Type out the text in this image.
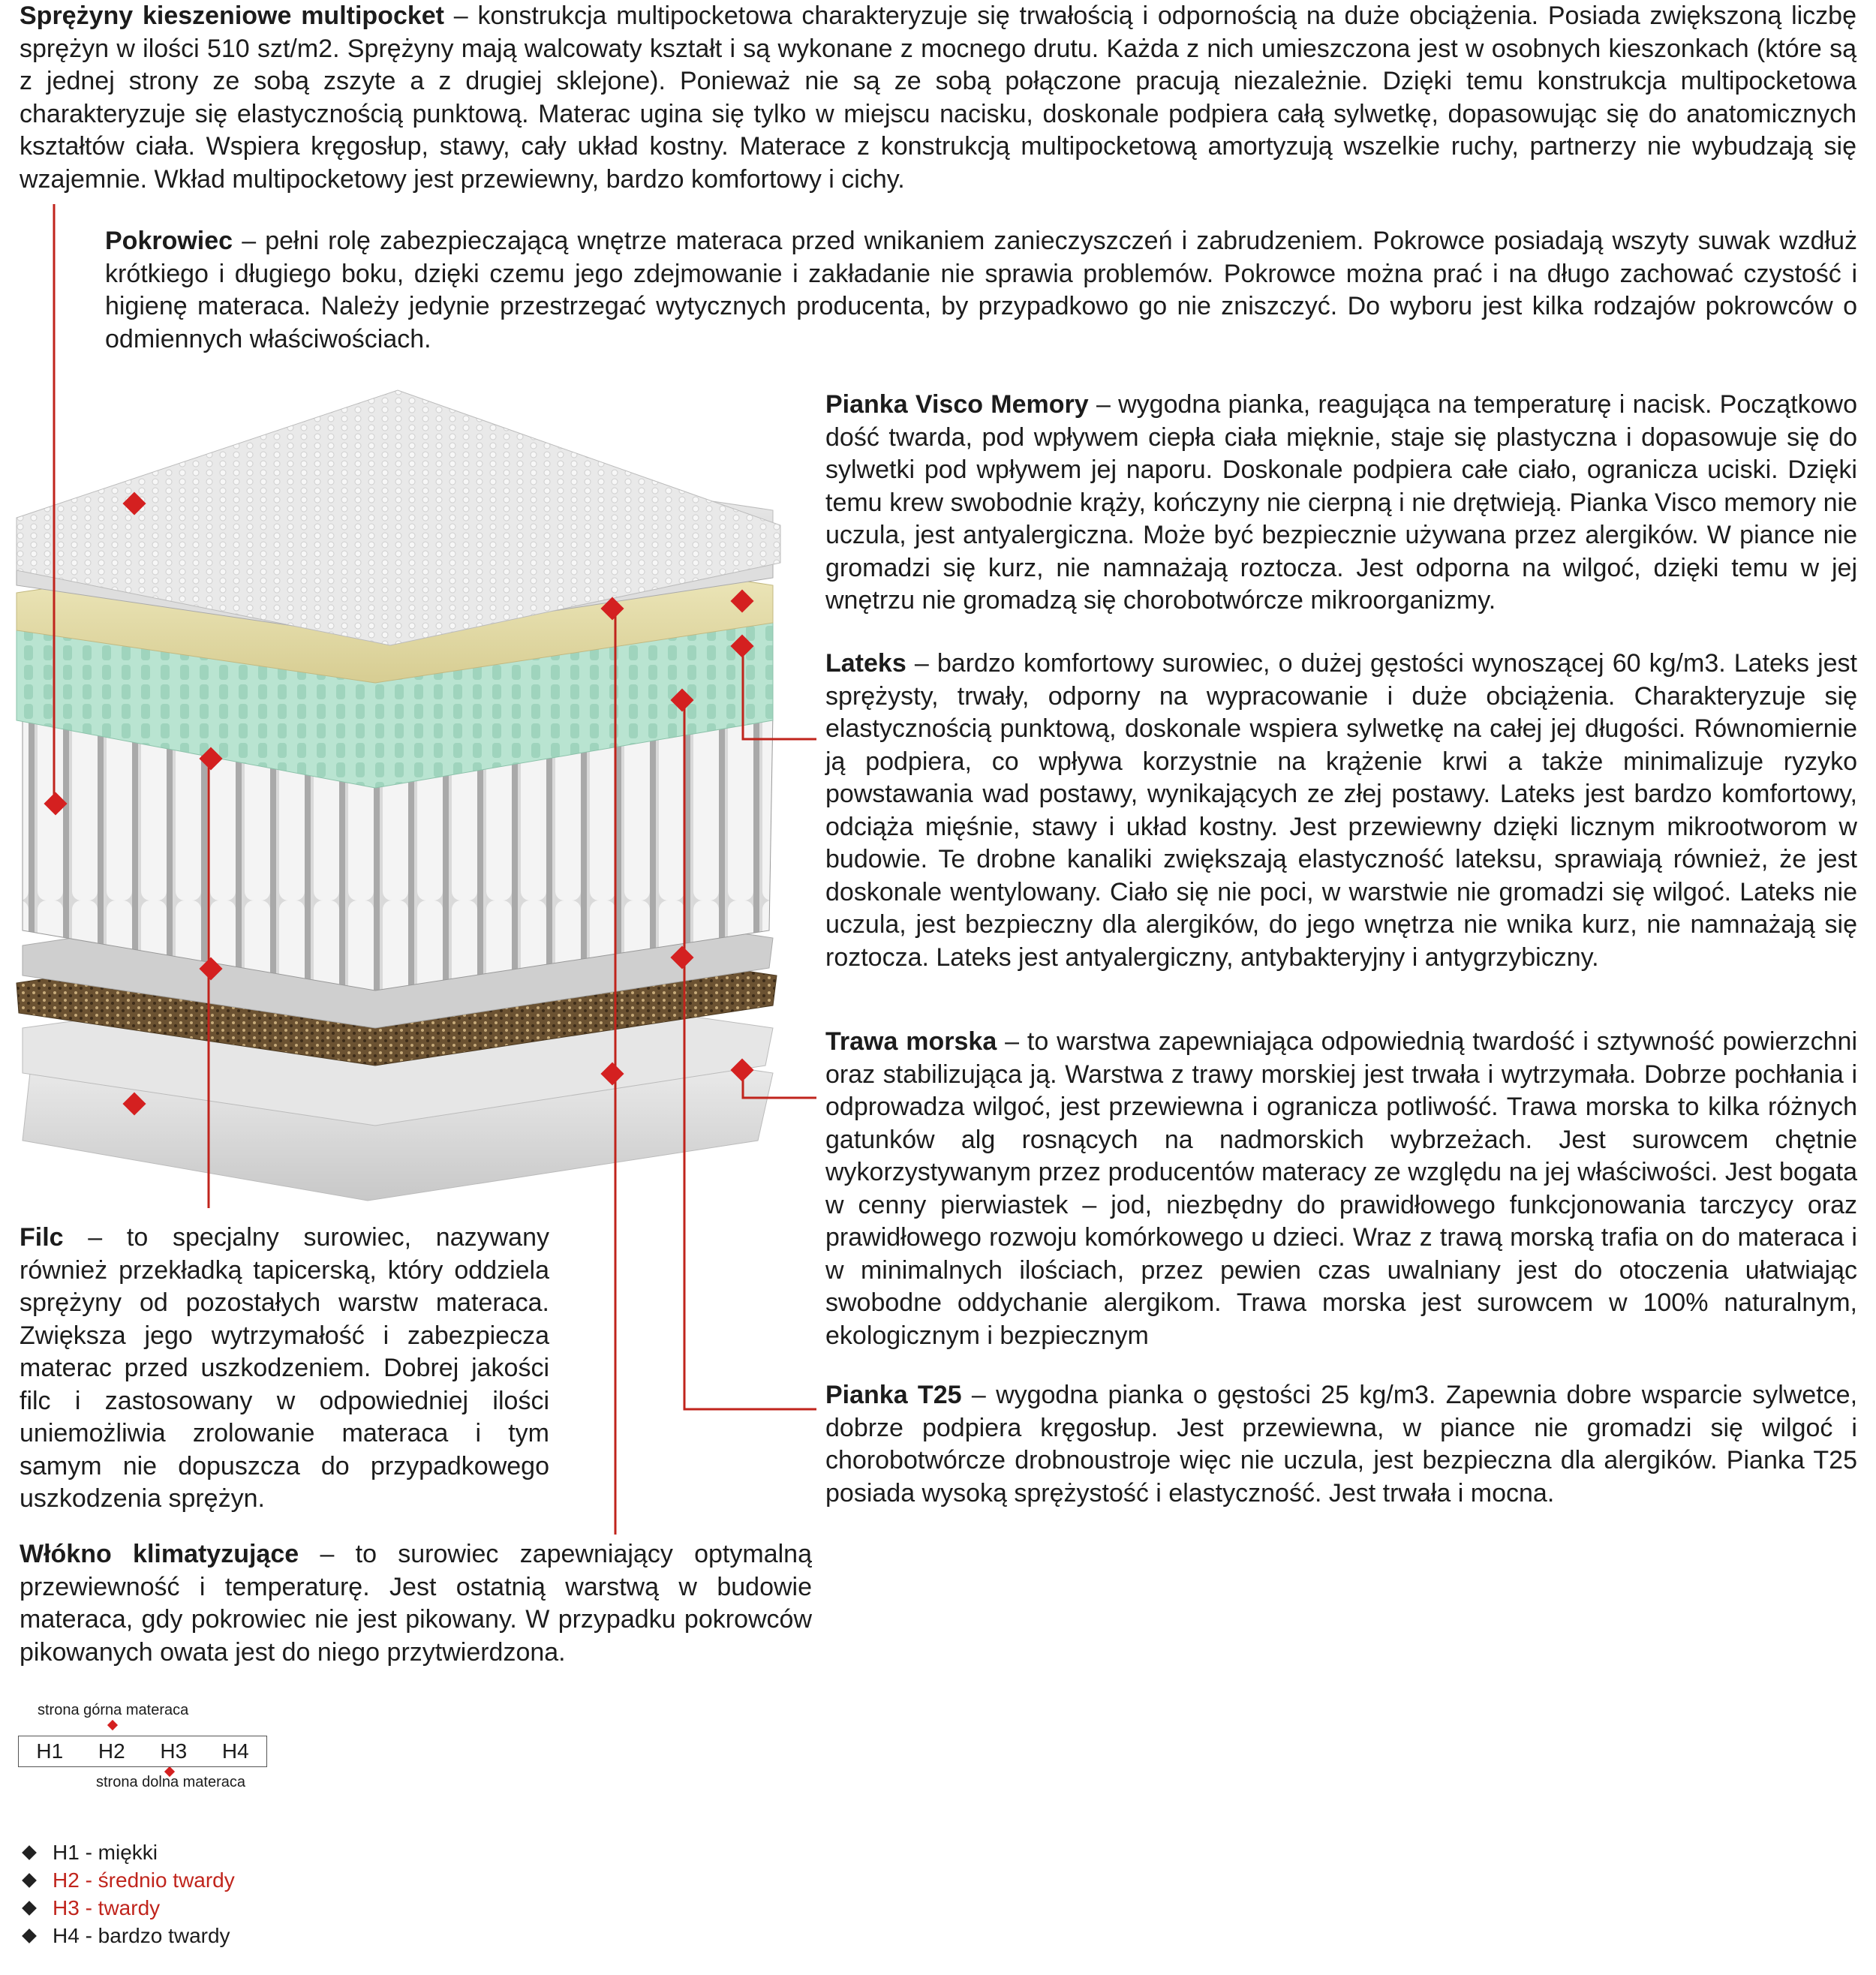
Sprężyny kieszeniowe multipocket – konstrukcja multipocketowa charakteryzuje się trwałością i odpornością na duże obciążenia. Posiada zwiększoną liczbę sprężyn w ilości 510 szt/m2. Sprężyny mają walcowaty kształt i są wykonane z mocnego drutu. Każda z nich umieszczona jest w osobnych kieszonkach (które są z jednej strony ze sobą zszyte a z drugiej sklejone). Ponieważ nie są ze sobą połączone pracują niezależnie. Dzięki temu konstrukcja multipocketowa charakteryzuje się elastycznością punktową. Materac ugina się tylko w miejscu nacisku, doskonale podpiera całą sylwetkę, dopasowując się do anatomicznych kształtów ciała. Wspiera kręgosłup, stawy, cały układ kostny. Materace z konstrukcją multipocketową amortyzują wszelkie ruchy, partnerzy nie wybudzają się wzajemnie. Wkład multipocketowy jest przewiewny, bardzo komfortowy i cichy.

Pokrowiec – pełni rolę zabezpieczającą wnętrze materaca przed wnikaniem zanieczyszczeń i zabrudzeniem. Pokrowce posiadają wszyty suwak wzdłuż krótkiego i długiego boku, dzięki czemu jego zdejmowanie i zakładanie nie sprawia problemów. Pokrowce można prać i na długo zachować czystość i higienę materaca. Należy jedynie przestrzegać wytycznych producenta, by przypadkowo go nie zniszczyć. Do wyboru jest kilka rodzajów pokrowców o odmiennych właściwościach.

Pianka Visco Memory – wygodna pianka, reagująca na temperaturę i nacisk. Początkowo dość twarda, pod wpływem ciepła ciała mięknie, staje się plastyczna i dopasowuje się do sylwetki pod wpływem jej naporu. Doskonale podpiera całe ciało, ogranicza uciski. Dzięki temu krew swobodnie krąży, kończyny nie cierpną i nie drętwieją. Pianka Visco memory nie uczula, jest antyalergiczna. Może być bezpiecznie używana przez alergików. W piance nie gromadzi się kurz, nie namnażają roztocza. Jest odporna na wilgoć, dzięki temu w jej wnętrzu nie gromadzą się chorobotwórcze mikroorganizmy.

Lateks – bardzo komfortowy surowiec, o dużej gęstości wynoszącej 60 kg/m3. Lateks jest sprężysty, trwały, odporny na wypracowanie i duże obciążenia. Charakteryzuje się elastycznością punktową, doskonale wspiera sylwetkę na całej jej długości. Równomiernie ją podpiera, co wpływa korzystnie na krążenie krwi a także minimalizuje ryzyko powstawania wad postawy, wynikających ze złej postawy. Lateks jest bardzo komfortowy, odciąża mięśnie, stawy i układ kostny. Jest przewiewny dzięki licznym mikrootworom w budowie. Te drobne kanaliki zwiększają elastyczność lateksu, sprawiają również, że jest doskonale wentylowany. Ciało się nie poci, w warstwie nie gromadzi się wilgoć. Lateks nie uczula, jest bezpieczny dla alergików, do jego wnętrza nie wnika kurz, nie namnażają się roztocza. Lateks jest antyalergiczny, antybakteryjny i antygrzybiczny.

Trawa morska – to warstwa zapewniająca odpowiednią twardość i sztywność powierzchni oraz stabilizująca ją. Warstwa z trawy morskiej jest trwała i wytrzymała. Dobrze pochłania i odprowadza wilgoć, jest przewiewna i ogranicza potliwość. Trawa morska to kilka różnych gatunków alg rosnących na nadmorskich wybrzeżach. Jest surowcem chętnie wykorzystywanym przez producentów materacy ze względu na jej właściwości. Jest bogata w cenny pierwiastek – jod, niezbędny do prawidłowego funkcjonowania tarczycy oraz prawidłowego rozwoju komórkowego u dzieci. Wraz z trawą morską trafia on do materaca i w minimalnych ilościach, przez pewien czas uwalniany jest do otoczenia ułatwiając swobodne oddychanie alergikom. Trawa morska jest surowcem w 100% naturalnym, ekologicznym i bezpiecznym

Pianka T25 – wygodna pianka o gęstości 25 kg/m3. Zapewnia dobre wsparcie sylwetce, dobrze podpiera kręgosłup. Jest przewiewna, w piance nie gromadzi się wilgoć i chorobotwórcze drobnoustroje więc nie uczula, jest bezpieczna dla alergików. Pianka T25 posiada wysoką sprężystość i elastyczność. Jest trwała i mocna.

Filc – to specjalny surowiec, nazywany również przekładką tapicerską, który oddziela sprężyny od pozostałych warstw materaca. Zwiększa jego wytrzymałość i zabezpiecza materac przed uszkodzeniem. Dobrej jakości filc i zastosowany w odpowiedniej ilości uniemożliwia zrolowanie materaca i tym samym nie dopuszcza do przypadkowego uszkodzenia sprężyn.

Włókno klimatyzujące – to surowiec zapewniający optymalną przewiewność i temperaturę. Jest ostatnią warstwą w budowie materaca, gdy pokrowiec nie jest pikowany. W przypadku pokrowców pikowanych owata jest do niego przytwierdzona.

strona górna materaca
H1	H2	H3	H4
strona dolna materaca
H1 - miękki
H2 - średnio twardy
H3 - twardy
H4 - bardzo twardy
